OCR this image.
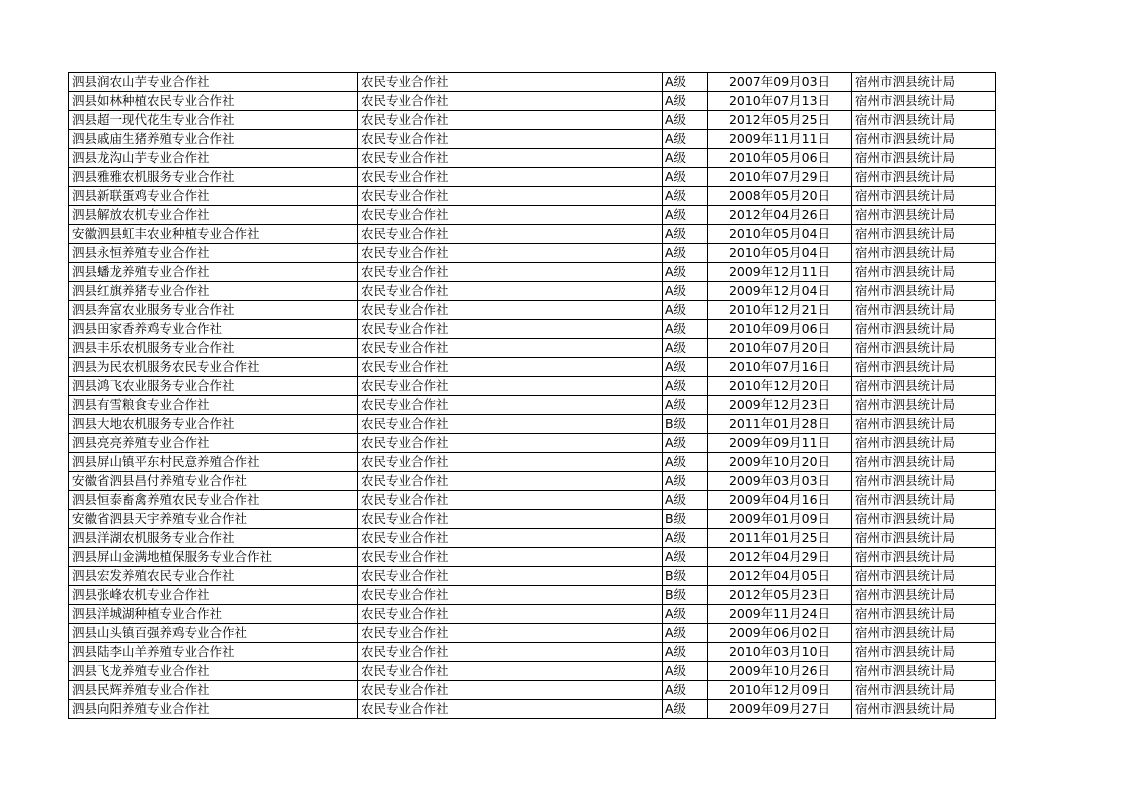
泗县润农山芋专业合作社	农民专业合作社	A级	2007年09月03日	宿州市泗县统计局
泗县如林种植农民专业合作社	农民专业合作社	A级	2010年07月13日	宿州市泗县统计局
泗县超一现代花生专业合作社	农民专业合作社	A级	2012年05月25日	宿州市泗县统计局
泗县戚庙生猪养殖专业合作社	农民专业合作社	A级	2009年11月11日	宿州市泗县统计局
泗县龙沟山芋专业合作社	农民专业合作社	A级	2010年05月06日	宿州市泗县统计局
泗县雅雅农机服务专业合作社	农民专业合作社	A级	2010年07月29日	宿州市泗县统计局
泗县新联蛋鸡专业合作社	农民专业合作社	A级	2008年05月20日	宿州市泗县统计局
泗县解放农机专业合作社	农民专业合作社	A级	2012年04月26日	宿州市泗县统计局
安徽泗县虹丰农业种植专业合作社	农民专业合作社	A级	2010年05月04日	宿州市泗县统计局
泗县永恒养殖专业合作社	农民专业合作社	A级	2010年05月04日	宿州市泗县统计局
泗县蟠龙养殖专业合作社	农民专业合作社	A级	2009年12月11日	宿州市泗县统计局
泗县红旗养猪专业合作社	农民专业合作社	A级	2009年12月04日	宿州市泗县统计局
泗县奔富农业服务专业合作社	农民专业合作社	A级	2010年12月21日	宿州市泗县统计局
泗县田家香养鸡专业合作社	农民专业合作社	A级	2010年09月06日	宿州市泗县统计局
泗县丰乐农机服务专业合作社	农民专业合作社	A级	2010年07月20日	宿州市泗县统计局
泗县为民农机服务农民专业合作社	农民专业合作社	A级	2010年07月16日	宿州市泗县统计局
泗县鸿飞农业服务专业合作社	农民专业合作社	A级	2010年12月20日	宿州市泗县统计局
泗县有雪粮食专业合作社	农民专业合作社	A级	2009年12月23日	宿州市泗县统计局
泗县大地农机服务专业合作社	农民专业合作社	B级	2011年01月28日	宿州市泗县统计局
泗县亮亮养殖专业合作社	农民专业合作社	A级	2009年09月11日	宿州市泗县统计局
泗县屏山镇平东村民意养殖合作社	农民专业合作社	A级	2009年10月20日	宿州市泗县统计局
安徽省泗县昌付养殖专业合作社	农民专业合作社	A级	2009年03月03日	宿州市泗县统计局
泗县恒泰畜禽养殖农民专业合作社	农民专业合作社	A级	2009年04月16日	宿州市泗县统计局
安徽省泗县天宇养殖专业合作社	农民专业合作社	B级	2009年01月09日	宿州市泗县统计局
泗县洋湖农机服务专业合作社	农民专业合作社	A级	2011年01月25日	宿州市泗县统计局
泗县屏山金满地植保服务专业合作社	农民专业合作社	A级	2012年04月29日	宿州市泗县统计局
泗县宏发养殖农民专业合作社	农民专业合作社	B级	2012年04月05日	宿州市泗县统计局
泗县张峰农机专业合作社	农民专业合作社	B级	2012年05月23日	宿州市泗县统计局
泗县洋城湖种植专业合作社	农民专业合作社	A级	2009年11月24日	宿州市泗县统计局
泗县山头镇百强养鸡专业合作社	农民专业合作社	A级	2009年06月02日	宿州市泗县统计局
泗县陆李山羊养殖专业合作社	农民专业合作社	A级	2010年03月10日	宿州市泗县统计局
泗县飞龙养殖专业合作社	农民专业合作社	A级	2009年10月26日	宿州市泗县统计局
泗县民辉养殖专业合作社	农民专业合作社	A级	2010年12月09日	宿州市泗县统计局
泗县向阳养殖专业合作社	农民专业合作社	A级	2009年09月27日	宿州市泗县统计局
